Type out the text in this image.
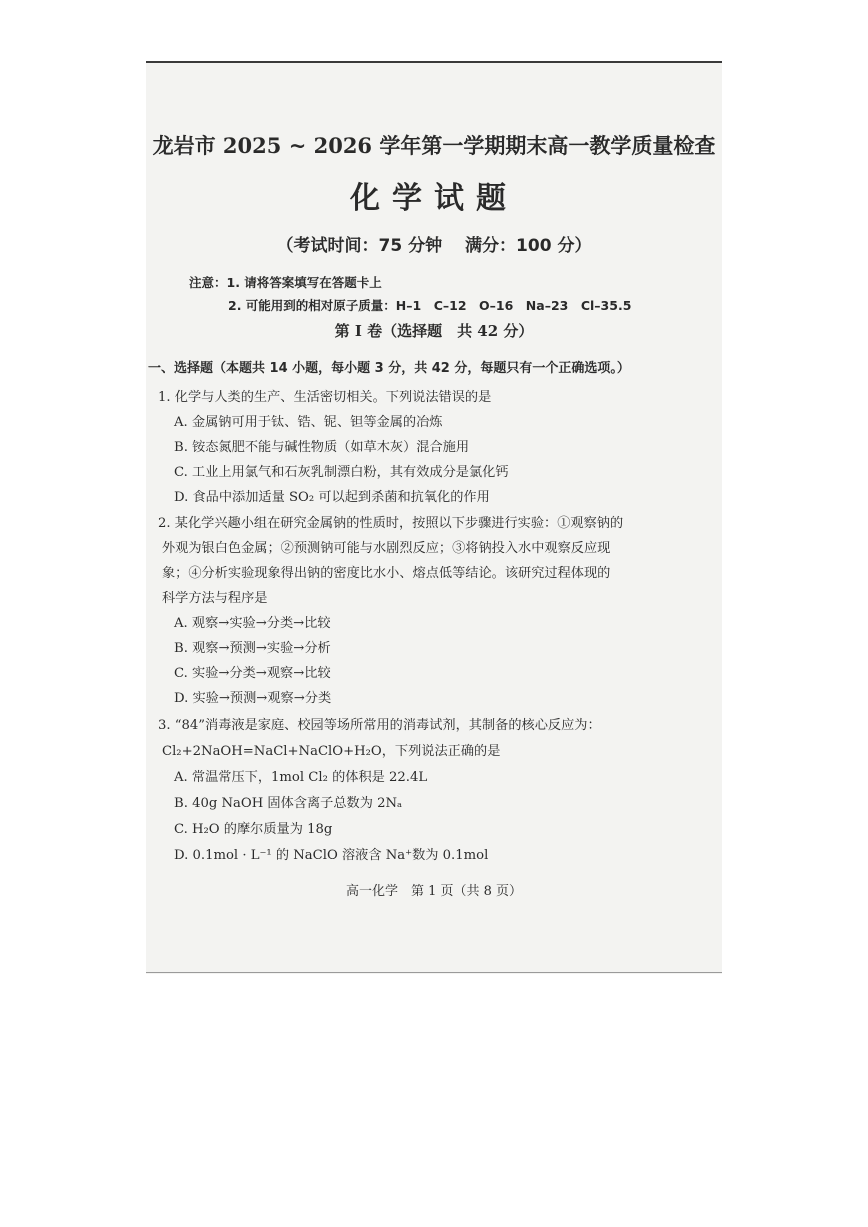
龙岩市 2025 ~ 2026 学年第一学期期末高一教学质量检查
化学试题
（考试时间：75 分钟　 满分：100 分）
注意：1. 请将答案填写在答题卡上
2. 可能用到的相对原子质量：H–1　C–12　O–16　Na–23　Cl–35.5
第 I 卷（选择题　共 42 分）
一、选择题（本题共 14 小题，每小题 3 分，共 42 分，每题只有一个正确选项。）
1. 化学与人类的生产、生活密切相关。下列说法错误的是
A. 金属钠可用于钛、锆、铌、钽等金属的冶炼
B. 铵态氮肥不能与碱性物质（如草木灰）混合施用
C. 工业上用氯气和石灰乳制漂白粉，其有效成分是氯化钙
D. 食品中添加适量 SO₂ 可以起到杀菌和抗氧化的作用
2. 某化学兴趣小组在研究金属钠的性质时，按照以下步骤进行实验：①观察钠的
外观为银白色金属；②预测钠可能与水剧烈反应；③将钠投入水中观察反应现
象；④分析实验现象得出钠的密度比水小、熔点低等结论。该研究过程体现的
科学方法与程序是
A. 观察→实验→分类→比较
B. 观察→预测→实验→分析
C. 实验→分类→观察→比较
D. 实验→预测→观察→分类
3. “84”消毒液是家庭、校园等场所常用的消毒试剂，其制备的核心反应为：
Cl₂+2NaOH=NaCl+NaClO+H₂O，下列说法正确的是
A. 常温常压下，1mol Cl₂ 的体积是 22.4L
B. 40g NaOH 固体含离子总数为 2Nₐ
C. H₂O 的摩尔质量为 18g
D. 0.1mol · L⁻¹ 的 NaClO 溶液含 Na⁺数为 0.1mol
高一化学　第 1 页（共 8 页）
